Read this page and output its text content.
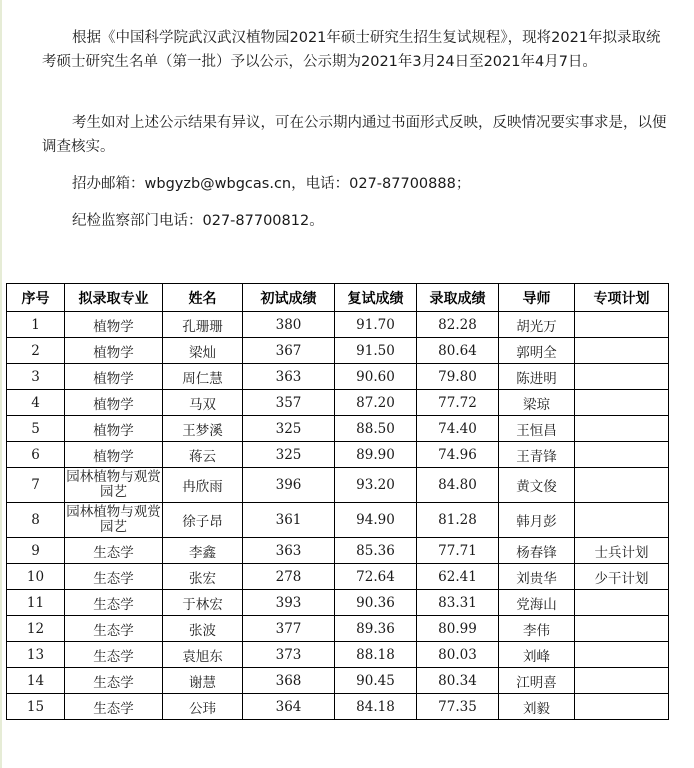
根据《中国科学院武汉武汉植物园2021年硕士研究生招生复试规程》，现将2021年拟录取统考硕士研究生名单（第一批）予以公示，公示期为2021年3月24日至2021年4月7日。

考生如对上述公示结果有异议，可在公示期内通过书面形式反映，反映情况要实事求是，以便调查核实。

招办邮箱：wbgyzb@wbgcas.cn，电话：027-87700888；

纪检监察部门电话：027-87700812。

序号	拟录取专业	姓名	初试成绩	复试成绩	录取成绩	导师	专项计划
1	植物学	孔珊珊	380	91.70	82.28	胡光万	
2	植物学	梁灿	367	91.50	80.64	郭明全	
3	植物学	周仁慧	363	90.60	79.80	陈进明	
4	植物学	马双	357	87.20	77.72	梁琼	
5	植物学	王梦溪	325	88.50	74.40	王恒昌	
6	植物学	蒋云	325	89.90	74.96	王青锋	
7	园林植物与观赏园艺	冉欣雨	396	93.20	84.80	黄文俊	
8	园林植物与观赏园艺	徐子昂	361	94.90	81.28	韩月彭	
9	生态学	李鑫	363	85.36	77.71	杨春锋	士兵计划
10	生态学	张宏	278	72.64	62.41	刘贵华	少干计划
11	生态学	于林宏	393	90.36	83.31	党海山	
12	生态学	张波	377	89.36	80.99	李伟	
13	生态学	袁旭东	373	88.18	80.03	刘峰	
14	生态学	谢慧	368	90.45	80.34	江明喜	
15	生态学	公玮	364	84.18	77.35	刘毅	
